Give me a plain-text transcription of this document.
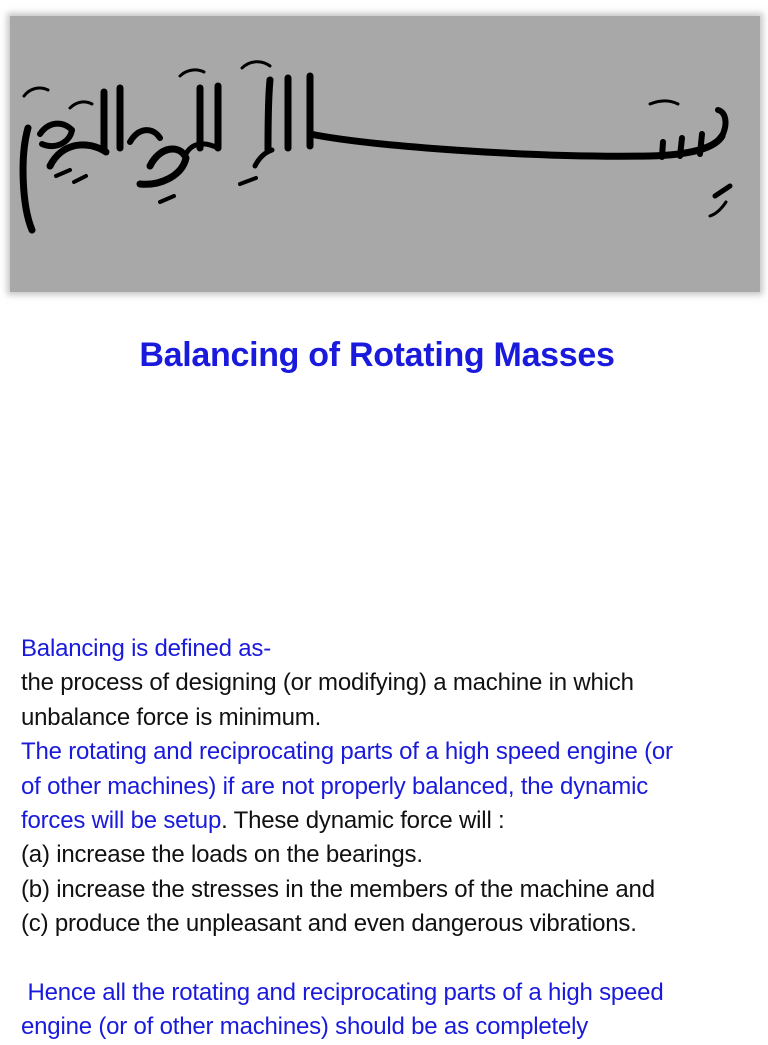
Balancing of Rotating Masses
Balancing is defined as-
the process of designing (or modifying) a machine in which
unbalance force is minimum.
The rotating and reciprocating parts of a high speed engine (or
of other machines) if are not properly balanced, the dynamic
forces will be setup. These dynamic force will :
(a) increase the loads on the bearings.
(b) increase the stresses in the members of the machine and
(c) produce the unpleasant and even dangerous vibrations.
Hence all the rotating and reciprocating parts of a high speed
engine (or of other machines) should be as completely
